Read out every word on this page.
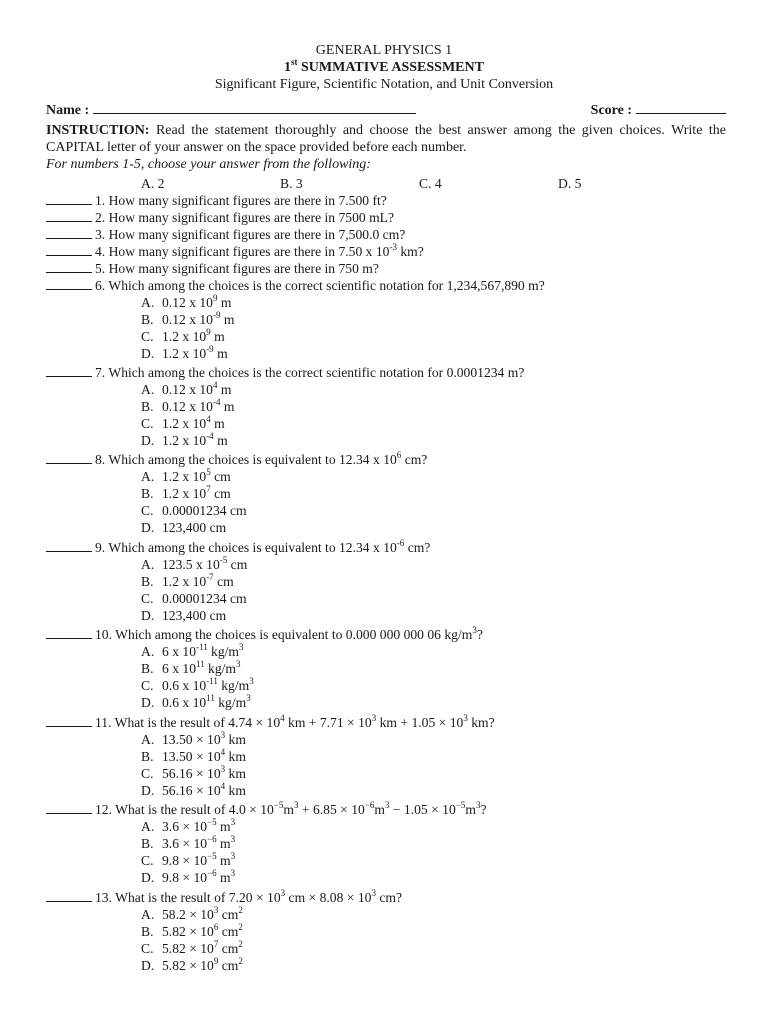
GENERAL PHYSICS 1
1st SUMMATIVE ASSESSMENT
Significant Figure, Scientific Notation, and Unit Conversion
Name :	Score :
INSTRUCTION: Read the statement thoroughly and choose the best answer among the given choices. Write the CAPITAL letter of your answer on the space provided before each number.
For numbers 1-5, choose your answer from the following:
A. 2	B. 3	C. 4	D. 5
1. How many significant figures are there in 7.500 ft?
2. How many significant figures are there in 7500 mL?
3. How many significant figures are there in 7,500.0 cm?
4. How many significant figures are there in 7.50 x $10^{-3}$ km?
5. How many significant figures are there in 750 m?
6. Which among the choices is the correct scientific notation for 1,234,567,890 m?
A. 0.12 x $10^9$ m
B. 0.12 x $10^{-9}$ m
C. 1.2 x $10^9$ m
D. 1.2 x $10^{-9}$ m
7. Which among the choices is the correct scientific notation for 0.0001234 m?
A. 0.12 x $10^4$ m
B. 0.12 x $10^{-4}$ m
C. 1.2 x $10^4$ m
D. 1.2 x $10^{-4}$ m
8. Which among the choices is equivalent to 12.34 x $10^6$ cm?
A. 1.2 x $10^5$ cm
B. 1.2 x $10^7$ cm
C. 0.00001234 cm
D. 123,400 cm
9. Which among the choices is equivalent to 12.34 x $10^{-6}$ cm?
A. 123.5 x $10^{-5}$ cm
B. 1.2 x $10^{-7}$ cm
C. 0.00001234 cm
D. 123,400 cm
10. Which among the choices is equivalent to 0.000 000 000 06 $kg/m^3$?
A. 6 x $10^{-11}$ $kg/m^3$
B. 6 x $10^{11}$ $kg/m^3$
C. 0.6 x $10^{-11}$ $kg/m^3$
D. 0.6 x $10^{11}$ $kg/m^3$
11. What is the result of $4.74 \times 10^4$ km + $7.71 \times 10^3$ km + $1.05 \times 10^3$ km?
A. $13.50 \times 10^3$ km
B. $13.50 \times 10^4$ km
C. $56.16 \times 10^3$ km
D. $56.16 \times 10^4$ km
12. What is the result of $4.0 \times 10^{-5}m^3 + 6.85 \times 10^{-6}m^3 - 1.05 \times 10^{-5}m^3$?
A. $3.6 \times 10^{-5}$ $m^3$
B. $3.6 \times 10^{-6}$ $m^3$
C. $9.8 \times 10^{-5}$ $m^3$
D. $9.8 \times 10^{-6}$ $m^3$
13. What is the result of $7.20 \times 10^3$ cm × $8.08 \times 10^3$ cm?
A. $58.2 \times 10^3$ $cm^2$
B. $5.82 \times 10^6$ $cm^2$
C. $5.82 \times 10^7$ $cm^2$
D. $5.82 \times 10^9$ $cm^2$
